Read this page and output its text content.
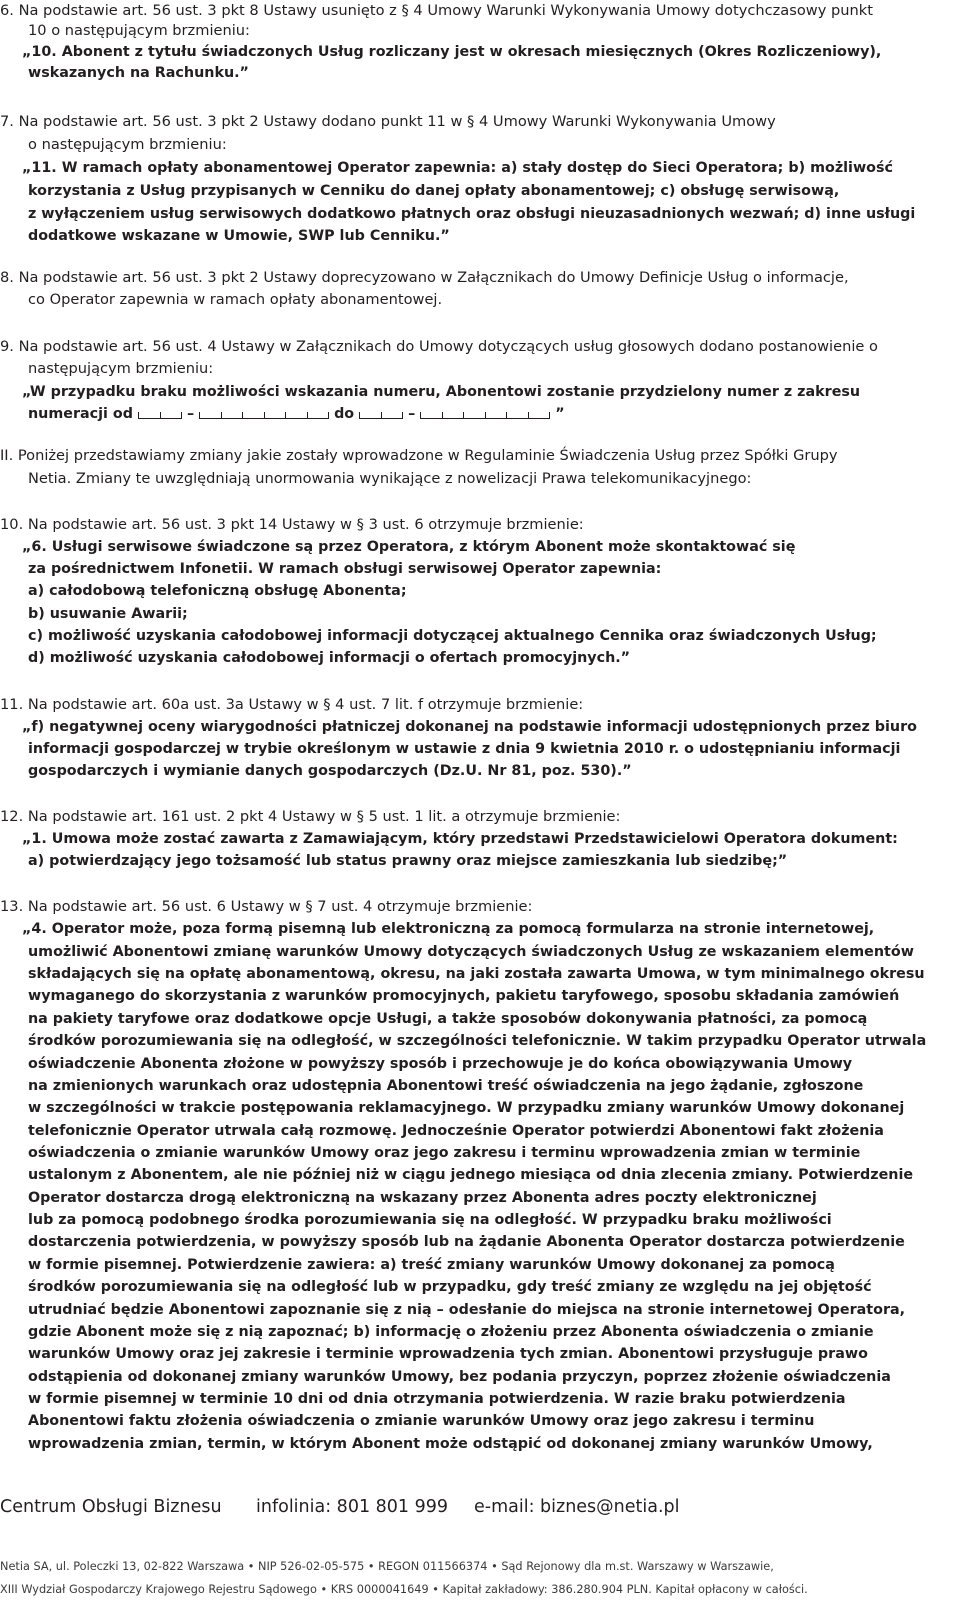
6. Na podstawie art. 56 ust. 3 pkt 8 Ustawy usunięto z § 4 Umowy Warunki Wykonywania Umowy dotychczasowy punkt
10 o następującym brzmieniu:
„10. Abonent z tytułu świadczonych Usług rozliczany jest w okresach miesięcznych (Okres Rozliczeniowy),
wskazanych na Rachunku.”
7. Na podstawie art. 56 ust. 3 pkt 2 Ustawy dodano punkt 11 w § 4 Umowy Warunki Wykonywania Umowy
o następującym brzmieniu:
„11. W ramach opłaty abonamentowej Operator zapewnia: a) stały dostęp do Sieci Operatora; b) możliwość
korzystania z Usług przypisanych w Cenniku do danej opłaty abonamentowej; c) obsługę serwisową,
z wyłączeniem usług serwisowych dodatkowo płatnych oraz obsługi nieuzasadnionych wezwań; d) inne usługi
dodatkowe wskazane w Umowie, SWP lub Cenniku.”
8. Na podstawie art. 56 ust. 3 pkt 2 Ustawy doprecyzowano w Załącznikach do Umowy Definicje Usług o informacje,
co Operator zapewnia w ramach opłaty abonamentowej.
9. Na podstawie art. 56 ust. 4 Ustawy w Załącznikach do Umowy dotyczących usług głosowych dodano postanowienie o
następującym brzmieniu:
„W przypadku braku możliwości wskazania numeru, Abonentowi zostanie przydzielony numer z zakresu
numeracji od	–	do	–	”
II. Poniżej przedstawiamy zmiany jakie zostały wprowadzone w Regulaminie Świadczenia Usług przez Spółki Grupy
Netia. Zmiany te uwzględniają unormowania wynikające z nowelizacji Prawa telekomunikacyjnego:
10. Na podstawie art. 56 ust. 3 pkt 14 Ustawy w § 3 ust. 6 otrzymuje brzmienie:
„6. Usługi serwisowe świadczone są przez Operatora, z którym Abonent może skontaktować się
za pośrednictwem Infonetii. W ramach obsługi serwisowej Operator zapewnia:
a) całodobową telefoniczną obsługę Abonenta;
b) usuwanie Awarii;
c) możliwość uzyskania całodobowej informacji dotyczącej aktualnego Cennika oraz świadczonych Usług;
d) możliwość uzyskania całodobowej informacji o ofertach promocyjnych.”
11. Na podstawie art. 60a ust. 3a Ustawy w § 4 ust. 7 lit. f otrzymuje brzmienie:
„f) negatywnej oceny wiarygodności płatniczej dokonanej na podstawie informacji udostępnionych przez biuro
informacji gospodarczej w trybie określonym w ustawie z dnia 9 kwietnia 2010 r. o udostępnianiu informacji
gospodarczych i wymianie danych gospodarczych (Dz.U. Nr 81, poz. 530).”
12. Na podstawie art. 161 ust. 2 pkt 4 Ustawy w § 5 ust. 1 lit. a otrzymuje brzmienie:
„1. Umowa może zostać zawarta z Zamawiającym, który przedstawi Przedstawicielowi Operatora dokument:
a) potwierdzający jego tożsamość lub status prawny oraz miejsce zamieszkania lub siedzibę;”
13. Na podstawie art. 56 ust. 6 Ustawy w § 7 ust. 4 otrzymuje brzmienie:
„4. Operator może, poza formą pisemną lub elektroniczną za pomocą formularza na stronie internetowej,
umożliwić Abonentowi zmianę warunków Umowy dotyczących świadczonych Usług ze wskazaniem elementów
składających się na opłatę abonamentową, okresu, na jaki została zawarta Umowa, w tym minimalnego okresu
wymaganego do skorzystania z warunków promocyjnych, pakietu taryfowego, sposobu składania zamówień
na pakiety taryfowe oraz dodatkowe opcje Usługi, a także sposobów dokonywania płatności, za pomocą
środków porozumiewania się na odległość, w szczególności telefonicznie. W takim przypadku Operator utrwala
oświadczenie Abonenta złożone w powyższy sposób i przechowuje je do końca obowiązywania Umowy
na zmienionych warunkach oraz udostępnia Abonentowi treść oświadczenia na jego żądanie, zgłoszone
w szczególności w trakcie postępowania reklamacyjnego. W przypadku zmiany warunków Umowy dokonanej
telefonicznie Operator utrwala całą rozmowę. Jednocześnie Operator potwierdzi Abonentowi fakt złożenia
oświadczenia o zmianie warunków Umowy oraz jego zakresu i terminu wprowadzenia zmian w terminie
ustalonym z Abonentem, ale nie później niż w ciągu jednego miesiąca od dnia zlecenia zmiany. Potwierdzenie
Operator dostarcza drogą elektroniczną na wskazany przez Abonenta adres poczty elektronicznej
lub za pomocą podobnego środka porozumiewania się na odległość. W przypadku braku możliwości
dostarczenia potwierdzenia, w powyższy sposób lub na żądanie Abonenta Operator dostarcza potwierdzenie
w formie pisemnej. Potwierdzenie zawiera: a) treść zmiany warunków Umowy dokonanej za pomocą
środków porozumiewania się na odległość lub w przypadku, gdy treść zmiany ze względu na jej objętość
utrudniać będzie Abonentowi zapoznanie się z nią – odesłanie do miejsca na stronie internetowej Operatora,
gdzie Abonent może się z nią zapoznać; b) informację o złożeniu przez Abonenta oświadczenia o zmianie
warunków Umowy oraz jej zakresie i terminie wprowadzenia tych zmian. Abonentowi przysługuje prawo
odstąpienia od dokonanej zmiany warunków Umowy, bez podania przyczyn, poprzez złożenie oświadczenia
w formie pisemnej w terminie 10 dni od dnia otrzymania potwierdzenia. W razie braku potwierdzenia
Abonentowi faktu złożenia oświadczenia o zmianie warunków Umowy oraz jego zakresu i terminu
wprowadzenia zmian, termin, w którym Abonent może odstąpić od dokonanej zmiany warunków Umowy,
Centrum Obsługi Biznesu infolinia: 801 801 999 e-mail: biznes@netia.pl
Netia SA, ul. Poleczki 13, 02-822 Warszawa • NIP 526-02-05-575 • REGON 011566374 • Sąd Rejonowy dla m.st. Warszawy w Warszawie,
XIII Wydział Gospodarczy Krajowego Rejestru Sądowego • KRS 0000041649 • Kapitał zakładowy: 386.280.904 PLN. Kapitał opłacony w całości.
